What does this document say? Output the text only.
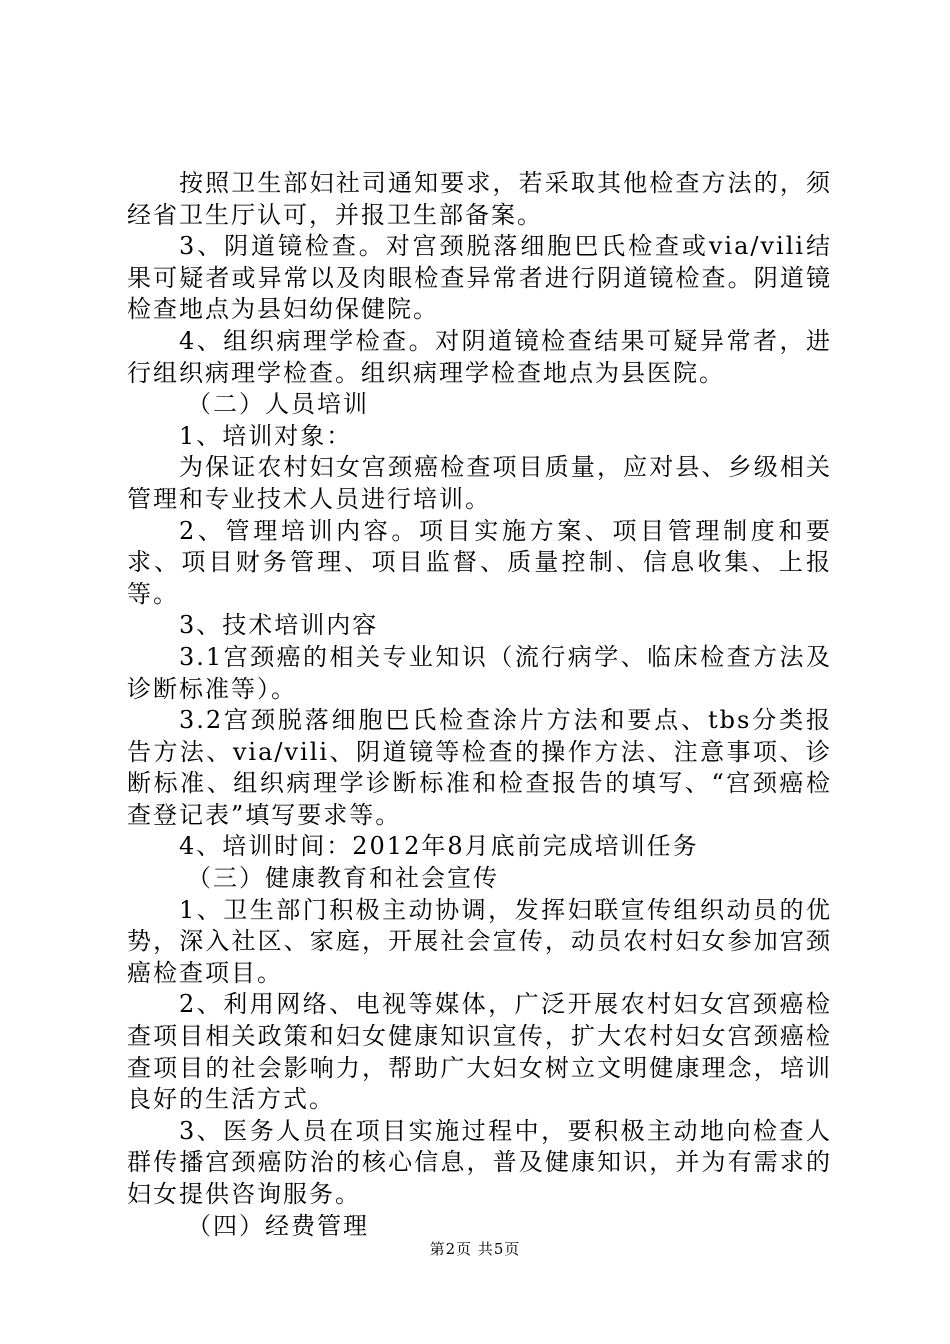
按照卫生部妇社司通知要求，若采取其他检查方法的，须经省卫生厅认可，并报卫生部备案。

3、阴道镜检查。对宫颈脱落细胞巴氏检查或via/vili结果可疑者或异常以及肉眼检查异常者进行阴道镜检查。阴道镜检查地点为县妇幼保健院。

4、组织病理学检查。对阴道镜检查结果可疑异常者，进行组织病理学检查。组织病理学检查地点为县医院。

（二）人员培训

1、培训对象：

为保证农村妇女宫颈癌检查项目质量，应对县、乡级相关管理和专业技术人员进行培训。

2、管理培训内容。项目实施方案、项目管理制度和要求、项目财务管理、项目监督、质量控制、信息收集、上报等。

3、技术培训内容

3.1宫颈癌的相关专业知识（流行病学、临床检查方法及诊断标准等）。

3.2宫颈脱落细胞巴氏检查涂片方法和要点、tbs分类报告方法、via/vili、阴道镜等检查的操作方法、注意事项、诊断标准、组织病理学诊断标准和检查报告的填写、“宫颈癌检查登记表”填写要求等。

4、培训时间：2012年8月底前完成培训任务

（三）健康教育和社会宣传

1、卫生部门积极主动协调，发挥妇联宣传组织动员的优势，深入社区、家庭，开展社会宣传，动员农村妇女参加宫颈癌检查项目。

2、利用网络、电视等媒体，广泛开展农村妇女宫颈癌检查项目相关政策和妇女健康知识宣传，扩大农村妇女宫颈癌检查项目的社会影响力，帮助广大妇女树立文明健康理念，培训良好的生活方式。

3、医务人员在项目实施过程中，要积极主动地向检查人群传播宫颈癌防治的核心信息，普及健康知识，并为有需求的妇女提供咨询服务。

（四）经费管理

第2页 共5页
